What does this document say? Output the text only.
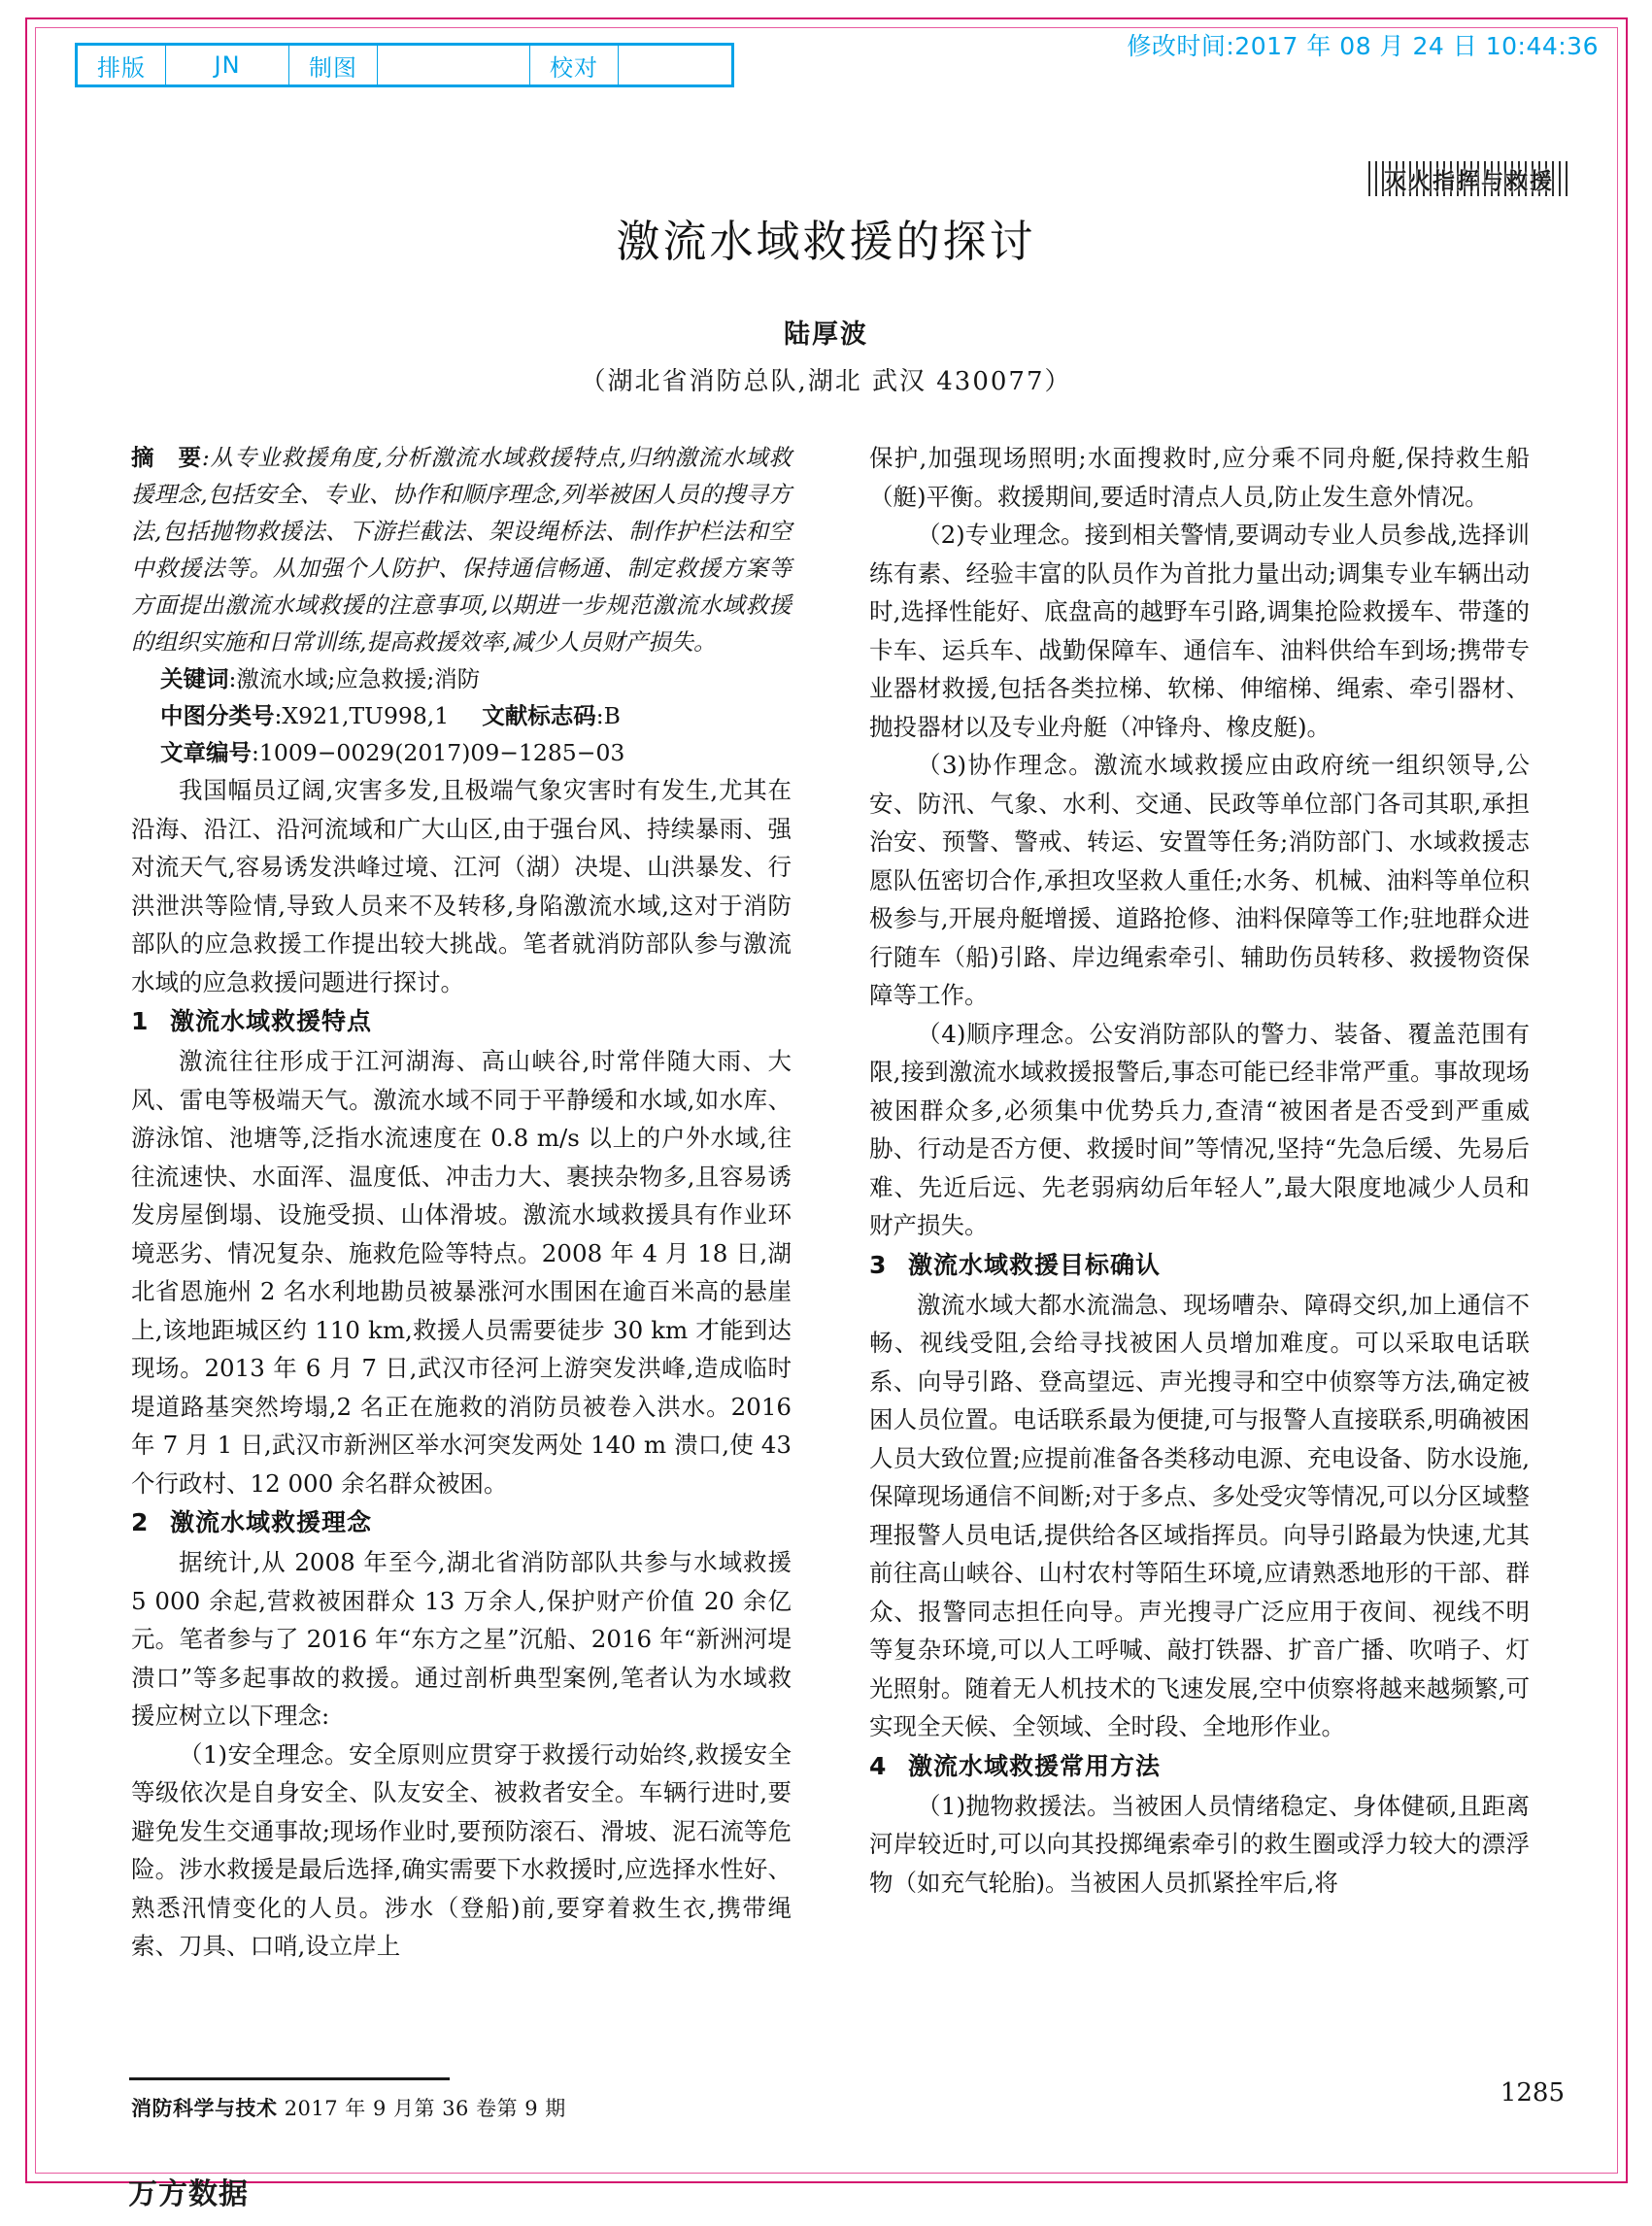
排版	JN	制图		校对	
修改时间:2017 年 08 月 24 日 10:44:36
灭火指挥与救援
激流水域救援的探讨
陆厚波
（湖北省消防总队,湖北 武汉 430077）
摘　要:从专业救援角度,分析激流水域救援特点,归纳激流水域救援理念,包括安全、专业、协作和顺序理念,列举被困人员的搜寻方法,包括抛物救援法、下游拦截法、架设绳桥法、制作护栏法和空中救援法等。从加强个人防护、保持通信畅通、制定救援方案等方面提出激流水域救援的注意事项,以期进一步规范激流水域救援的组织实施和日常训练,提高救援效率,减少人员财产损失。
关键词:激流水域;应急救援;消防
中图分类号:X921,TU998,1 文献标志码:B
文章编号:1009−0029(2017)09−1285−03

我国幅员辽阔,灾害多发,且极端气象灾害时有发生,尤其在沿海、沿江、沿河流域和广大山区,由于强台风、持续暴雨、强对流天气,容易诱发洪峰过境、江河（湖）决堤、山洪暴发、行洪泄洪等险情,导致人员来不及转移,身陷激流水域,这对于消防部队的应急救援工作提出较大挑战。笔者就消防部队参与激流水域的应急救援问题进行探讨。

1 激流水域救援特点

激流往往形成于江河湖海、高山峡谷,时常伴随大雨、大风、雷电等极端天气。激流水域不同于平静缓和水域,如水库、游泳馆、池塘等,泛指水流速度在 0.8 m/s 以上的户外水域,往往流速快、水面浑、温度低、冲击力大、裹挟杂物多,且容易诱发房屋倒塌、设施受损、山体滑坡。激流水域救援具有作业环境恶劣、情况复杂、施救危险等特点。2008 年 4 月 18 日,湖北省恩施州 2 名水利地勘员被暴涨河水围困在逾百米高的悬崖上,该地距城区约 110 km,救援人员需要徒步 30 km 才能到达现场。2013 年 6 月 7 日,武汉市径河上游突发洪峰,造成临时堤道路基突然垮塌,2 名正在施救的消防员被卷入洪水。2016 年 7 月 1 日,武汉市新洲区举水河突发两处 140 m 溃口,使 43 个行政村、12 000 余名群众被困。

2 激流水域救援理念

据统计,从 2008 年至今,湖北省消防部队共参与水域救援 5 000 余起,营救被困群众 13 万余人,保护财产价值 20 余亿元。笔者参与了 2016 年“东方之星”沉船、2016 年“新洲河堤溃口”等多起事故的救援。通过剖析典型案例,笔者认为水域救援应树立以下理念:

（1)安全理念。安全原则应贯穿于救援行动始终,救援安全等级依次是自身安全、队友安全、被救者安全。车辆行进时,要避免发生交通事故;现场作业时,要预防滚石、滑坡、泥石流等危险。涉水救援是最后选择,确实需要下水救援时,应选择水性好、熟悉汛情变化的人员。涉水（登船)前,要穿着救生衣,携带绳索、刀具、口哨,设立岸上

保护,加强现场照明;水面搜救时,应分乘不同舟艇,保持救生船（艇)平衡。救援期间,要适时清点人员,防止发生意外情况。

（2)专业理念。接到相关警情,要调动专业人员参战,选择训练有素、经验丰富的队员作为首批力量出动;调集专业车辆出动时,选择性能好、底盘高的越野车引路,调集抢险救援车、带蓬的卡车、运兵车、战勤保障车、通信车、油料供给车到场;携带专业器材救援,包括各类拉梯、软梯、伸缩梯、绳索、牵引器材、抛投器材以及专业舟艇（冲锋舟、橡皮艇)。

（3)协作理念。激流水域救援应由政府统一组织领导,公安、防汛、气象、水利、交通、民政等单位部门各司其职,承担治安、预警、警戒、转运、安置等任务;消防部门、水域救援志愿队伍密切合作,承担攻坚救人重任;水务、机械、油料等单位积极参与,开展舟艇增援、道路抢修、油料保障等工作;驻地群众进行随车（船)引路、岸边绳索牵引、辅助伤员转移、救援物资保障等工作。

（4)顺序理念。公安消防部队的警力、装备、覆盖范围有限,接到激流水域救援报警后,事态可能已经非常严重。事故现场被困群众多,必须集中优势兵力,查清“被困者是否受到严重威胁、行动是否方便、救援时间”等情况,坚持“先急后缓、先易后难、先近后远、先老弱病幼后年轻人”,最大限度地减少人员和财产损失。

3 激流水域救援目标确认

激流水域大都水流湍急、现场嘈杂、障碍交织,加上通信不畅、视线受阻,会给寻找被困人员增加难度。可以采取电话联系、向导引路、登高望远、声光搜寻和空中侦察等方法,确定被困人员位置。电话联系最为便捷,可与报警人直接联系,明确被困人员大致位置;应提前准备各类移动电源、充电设备、防水设施,保障现场通信不间断;对于多点、多处受灾等情况,可以分区域整理报警人员电话,提供给各区域指挥员。向导引路最为快速,尤其前往高山峡谷、山村农村等陌生环境,应请熟悉地形的干部、群众、报警同志担任向导。声光搜寻广泛应用于夜间、视线不明等复杂环境,可以人工呼喊、敲打铁器、扩音广播、吹哨子、灯光照射。随着无人机技术的飞速发展,空中侦察将越来越频繁,可实现全天候、全领域、全时段、全地形作业。

4 激流水域救援常用方法

（1)抛物救援法。当被困人员情绪稳定、身体健硕,且距离河岸较近时,可以向其投掷绳索牵引的救生圈或浮力较大的漂浮物（如充气轮胎)。当被困人员抓紧拴牢后,将

消防科学与技术 2017 年 9 月第 36 卷第 9 期
1285
万方数据
